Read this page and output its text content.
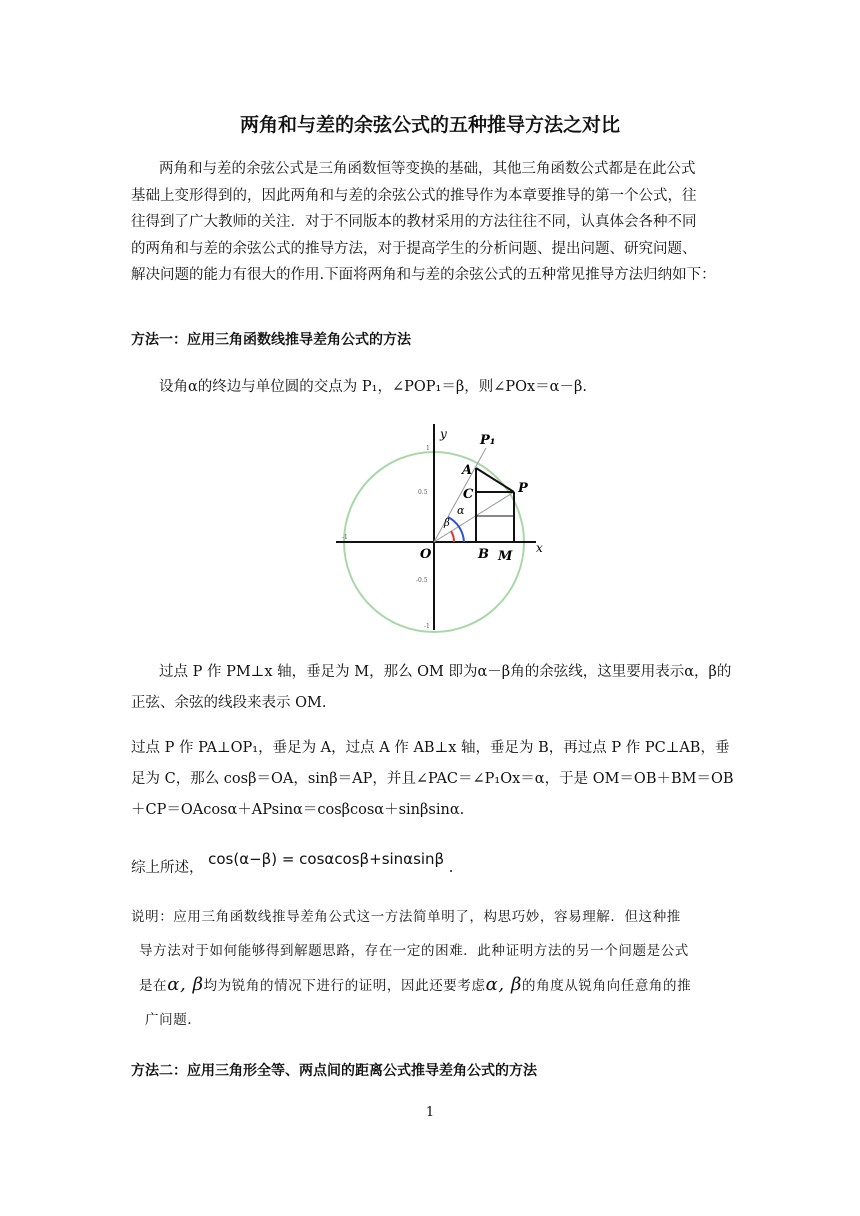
两角和与差的余弦公式的五种推导方法之对比
两角和与差的余弦公式是三角函数恒等变换的基础，其他三角函数公式都是在此公式
基础上变形得到的，因此两角和与差的余弦公式的推导作为本章要推导的第一个公式，往
往得到了广大教师的关注．对于不同版本的教材采用的方法往往不同，认真体会各种不同
的两角和与差的余弦公式的推导方法，对于提高学生的分析问题、提出问题、研究问题、
解决问题的能力有很大的作用.下面将两角和与差的余弦公式的五种常见推导方法归纳如下：
方法一：应用三角函数线推导差角公式的方法
设角α的终边与单位圆的交点为 P₁，∠POP₁＝β，则∠POx＝α－β.
y
x
O
P₁
A
C	P
B M
α
β
0.5
-0.5
1
-1
-1
过点 P 作 PM⊥x 轴，垂足为 M，那么 OM 即为α－β角的余弦线，这里要用表示α，β的
正弦、余弦的线段来表示 OM.
过点 P 作 PA⊥OP₁，垂足为 A，过点 A 作 AB⊥x 轴，垂足为 B，再过点 P 作 PC⊥AB，垂
足为 C，那么 cosβ＝OA，sinβ＝AP，并且∠PAC＝∠P₁Ox＝α，于是 OM＝OB＋BM＝OB
＋CP＝OAcosα＋APsinα＝cosβcosα＋sinβsinα.
综上所述， cos(α−β) = cosαcosβ+sinαsinβ .
说明：应用三角函数线推导差角公式这一方法简单明了，构思巧妙，容易理解．但这种推
导方法对于如何能够得到解题思路，存在一定的困难．此种证明方法的另一个问题是公式
是在α, β均为锐角的情况下进行的证明，因此还要考虑α, β的角度从锐角向任意角的推
广问题.
方法二：应用三角形全等、两点间的距离公式推导差角公式的方法
1
